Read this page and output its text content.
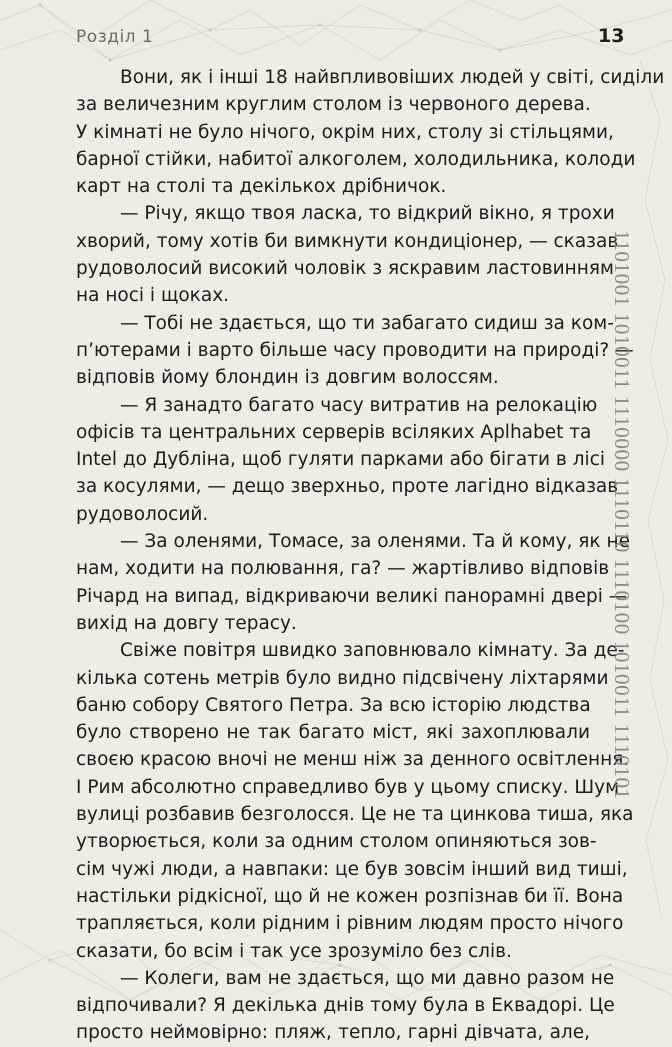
Розділ 1	13
Вони, як і інші 18 найвпливовіших людей у світі, сиділи
за величезним круглим столом із червоного дерева.
У кімнаті не було нічого, окрім них, столу зі стільцями,
барної стійки, набитої алкоголем, холодильника, колоди
карт на столі та декількох дрібничок.
— Річу, якщо твоя ласка, то відкрий вікно, я трохи
хворий, тому хотів би вимкнути кондиціонер, — сказав
рудоволосий високий чоловік з яскравим ластовинням
на носі і щоках.
— Тобі не здається, що ти забагато сидиш за ком-
п’ютерами і варто більше часу проводити на природі? —
відповів йому блондин із довгим волоссям.
— Я занадто багато часу витратив на релокацію
офісів та центральних серверів всіляких Aplhabet та
Intel до Дубліна, щоб гуляти парками або бігати в лісі
за косулями, — дещо зверхньо, проте лагідно відказав
рудоволосий.
— За оленями, Томасе, за оленями. Та й кому, як не
нам, ходити на полювання, га? — жартівливо відповів
Річард на випад, відкриваючи великі панорамні двері —
вихід на довгу терасу.
Свіже повітря швидко заповнювало кімнату. За де-
кілька сотень метрів було видно підсвічену ліхтарями
баню собору Святого Петра. За всю історію людства
було створено не так багато міст, які захоплювали
своєю красою вночі не менш ніж за денного освітлення.
І Рим абсолютно справедливо був у цьому списку. Шум
вулиці розбавив безголосся. Це не та цинкова тиша, яка
утворюється, коли за одним столом опиняються зов-
сім чужі люди, а навпаки: це був зовсім інший вид тиші,
настільки рідкісної, що й не кожен розпізнав би її. Вона
трапляється, коли рідним і рівним людям просто нічого
сказати, бо всім і так усе зрозуміло без слів.
— Колеги, вам не здається, що ми давно разом не
відпочивали? Я декілька днів тому була в Еквадорі. Це
просто неймовірно: пляж, тепло, гарні дівчата, але,
1101001 1010011 1110000 1110110 1110100 1010011 1110101
